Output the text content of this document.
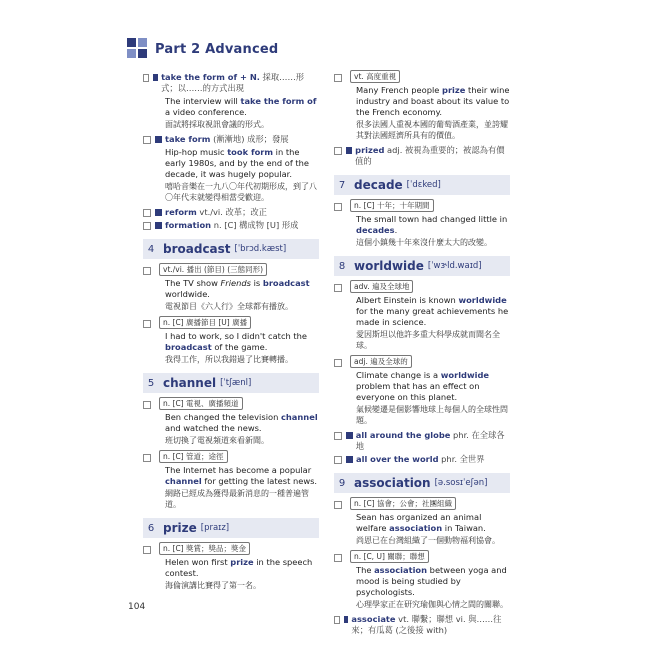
Part 2 Advanced
take the form of + N. 採取……形式；以……的方式出現
The interview will take the form of a video conference.
面試將採取視訊會議的形式。
take form (漸漸地) 成形；發展
Hip-hop music took form in the early 1980s, and by the end of the decade, it was hugely popular.
嘻哈音樂在一九八〇年代初期形成，到了八〇年代末就變得相當受歡迎。
reform vt./vi. 改革；改正
formation n. [C] 構成物 [U] 形成
4 broadcast [ˈbrɔd.kæst]
vt./vi. 播出 (節目) (三態同形)
The TV show Friends is broadcast worldwide.
電視節目《六人行》全球都有播放。
n. [C] 廣播節目 [U] 廣播
I had to work, so I didn't catch the broadcast of the game.
我得工作，所以我錯過了比賽轉播。
5 channel [ˈtʃænl]
n. [C] 電視、廣播頻道
Ben changed the television channel and watched the news.
班切換了電視頻道來看新聞。
n. [C] 管道；途徑
The Internet has become a popular channel for getting the latest news.
網路已經成為獲得最新消息的一種普遍管道。
6 prize [praɪz]
n. [C] 獎賞；獎品；獎金
Helen won first prize in the speech contest.
海倫演講比賽得了第一名。
vt. 高度重視
Many French people prize their wine industry and boast about its value to the French economy.
很多法國人重視本國的葡萄酒產業，並誇耀其對法國經濟所具有的價值。
prized adj. 被視為重要的；被認為有價值的
7 decade [ˈdɛked]
n. [C] 十年；十年期間
The small town had changed little in decades.
這個小鎮幾十年來沒什麼太大的改變。
8 worldwide [ˈwɝld.waɪd]
adv. 遍及全球地
Albert Einstein is known worldwide for the many great achievements he made in science.
愛因斯坦以他許多重大科學成就而聞名全球。
adj. 遍及全球的
Climate change is a worldwide problem that has an effect on everyone on this planet.
氣候變遷是個影響地球上每個人的全球性問題。
all around the globe phr. 在全球各地
all over the world phr. 全世界
9 association [ə.sosɪˈeʃən]
n. [C] 協會；公會；社團組織
Sean has organized an animal welfare association in Taiwan.
尚恩已在台灣組織了一個動物福利協會。
n. [C, U] 關聯；聯想
The association between yoga and mood is being studied by psychologists.
心理學家正在研究瑜伽與心情之間的關聯。
associate vt. 聯繫；聯想 vi. 與……往來；有瓜葛 (之後接 with)
104
